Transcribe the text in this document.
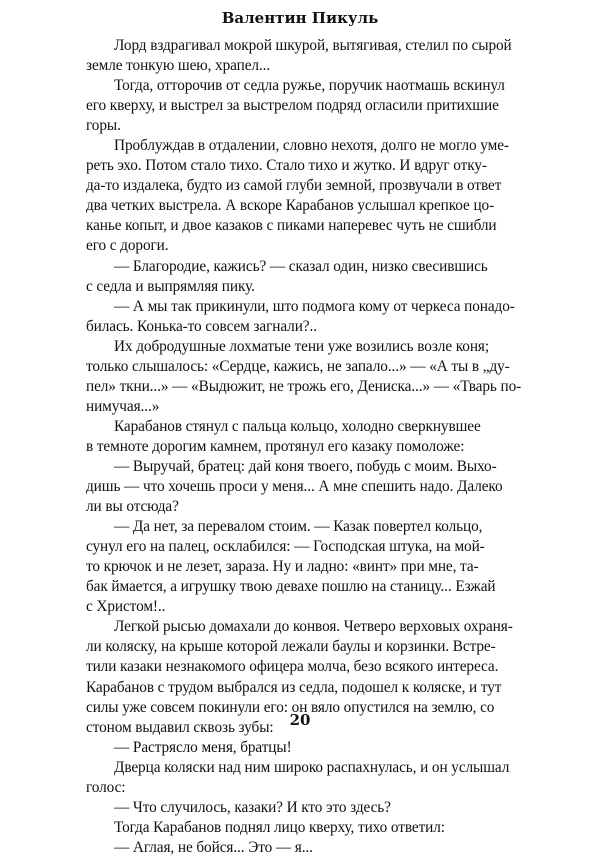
Валентин Пикуль
Лорд вздрагивал мокрой шкурой, вытягивая, стелил по сырой
земле тонкую шею, храпел...
Тогда, отторочив от седла ружье, поручик наотмашь вскинул
его кверху, и выстрел за выстрелом подряд огласили притихшие
горы.
Проблуждав в отдалении, словно нехотя, долго не могло уме-
реть эхо. Потом стало тихо. Стало тихо и жутко. И вдруг отку-
да-то издалека, будто из самой глуби земной, прозвучали в ответ
два четких выстрела. А вскоре Карабанов услышал крепкое цо-
канье копыт, и двое казаков с пиками наперевес чуть не сшибли
его с дороги.
— Благородие, кажись? — сказал один, низко свесившись
с седла и выпрямляя пику.
— А мы так прикинули, што подмога кому от черкеса понадо-
билась. Конька-то совсем загнали?..
Их добродушные лохматые тени уже возились возле коня;
только слышалось: «Сердце, кажись, не запало...» — «А ты в „ду-
пел» ткни...» — «Выдюжит, не трожь его, Дениска...» — «Тварь по-
нимучая...»
Карабанов стянул с пальца кольцо, холодно сверкнувшее
в темноте дорогим камнем, протянул его казаку помоложе:
— Выручай, братец: дай коня твоего, побудь с моим. Выхо-
дишь — что хочешь проси у меня... А мне спешить надо. Далеко
ли вы отсюда?
— Да нет, за перевалом стоим. — Казак повертел кольцо,
сунул его на палец, осклабился: — Господская штука, на мой-
то крючок и не лезет, зараза. Ну и ладно: «винт» при мне, та-
бак ймается, а игрушку твою девахе пошлю на станицу... Езжай
с Христом!..
Легкой рысью домахали до конвоя. Четверо верховых охраня-
ли коляску, на крыше которой лежали баулы и корзинки. Встре-
тили казаки незнакомого офицера молча, безо всякого интереса.
Карабанов с трудом выбрался из седла, подошел к коляске, и тут
силы уже совсем покинули его: он вяло опустился на землю, со
стоном выдавил сквозь зубы:
— Растрясло меня, братцы!
Дверца коляски над ним широко распахнулась, и он услышал
голос:
— Что случилось, казаки? И кто это здесь?
Тогда Карабанов поднял лицо кверху, тихо ответил:
— Аглая, не бойся... Это — я...
20
